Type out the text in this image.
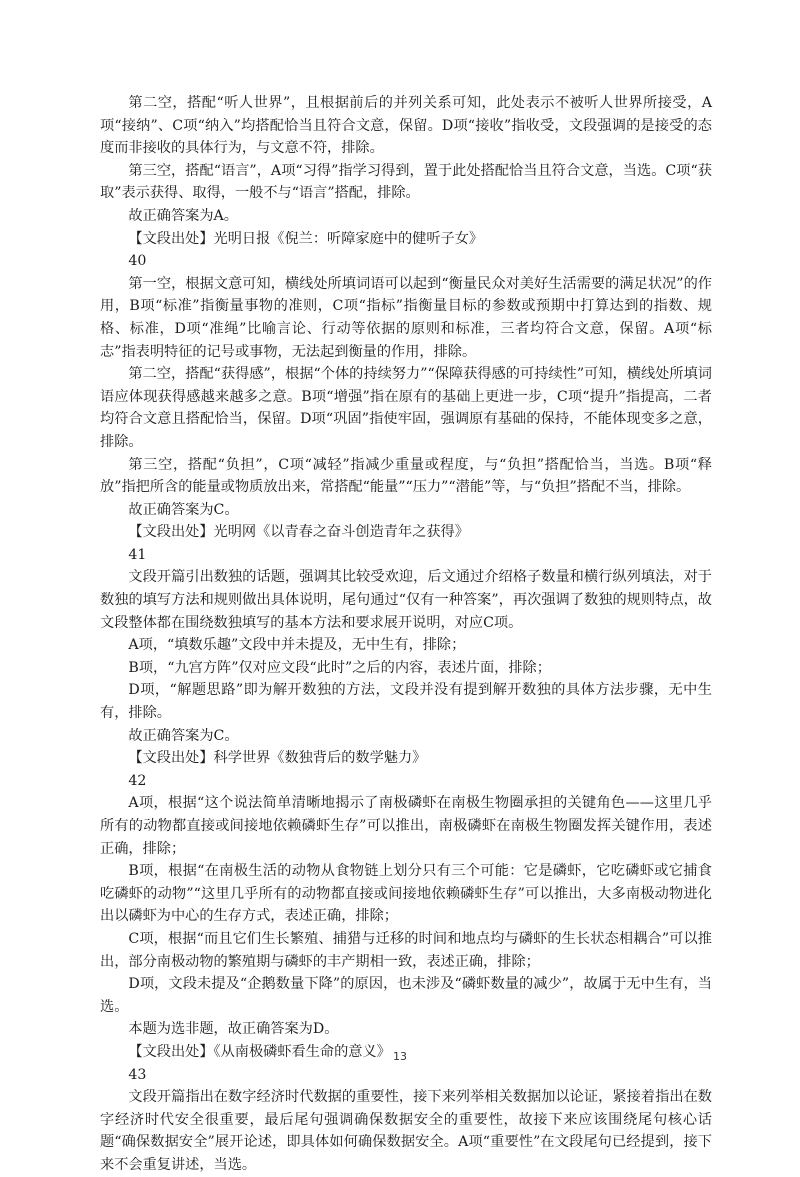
第二空，搭配“听人世界”，且根据前后的并列关系可知，此处表示不被听人世界所接受，A项“接纳”、C项“纳入”均搭配恰当且符合文意，保留。D项“接收”指收受，文段强调的是接受的态度而非接收的具体行为，与文意不符，排除。

第三空，搭配“语言”，A项“习得”指学习得到，置于此处搭配恰当且符合文意，当选。C项“获取”表示获得、取得，一般不与“语言”搭配，排除。

故正确答案为A。

【文段出处】光明日报《倪兰：听障家庭中的健听子女》

40

第一空，根据文意可知，横线处所填词语可以起到“衡量民众对美好生活需要的满足状况”的作用，B项“标准”指衡量事物的准则，C项“指标”指衡量目标的参数或预期中打算达到的指数、规格、标准，D项“准绳”比喻言论、行动等依据的原则和标准，三者均符合文意，保留。A项“标志”指表明特征的记号或事物，无法起到衡量的作用，排除。

第二空，搭配“获得感”，根据“个体的持续努力”“保障获得感的可持续性”可知，横线处所填词语应体现获得感越来越多之意。B项“增强”指在原有的基础上更进一步，C项“提升”指提高，二者均符合文意且搭配恰当，保留。D项“巩固”指使牢固，强调原有基础的保持，不能体现变多之意，排除。

第三空，搭配“负担”，C项“减轻”指减少重量或程度，与“负担”搭配恰当，当选。B项“释放”指把所含的能量或物质放出来，常搭配“能量”“压力”“潜能”等，与“负担”搭配不当，排除。

故正确答案为C。

【文段出处】光明网《以青春之奋斗创造青年之获得》

41

文段开篇引出数独的话题，强调其比较受欢迎，后文通过介绍格子数量和横行纵列填法，对于数独的填写方法和规则做出具体说明，尾句通过“仅有一种答案”，再次强调了数独的规则特点，故文段整体都在围绕数独填写的基本方法和要求展开说明，对应C项。

A项，“填数乐趣”文段中并未提及，无中生有，排除；

B项，“九宫方阵”仅对应文段“此时”之后的内容，表述片面，排除；

D项，“解题思路”即为解开数独的方法，文段并没有提到解开数独的具体方法步骤，无中生有，排除。

故正确答案为C。

【文段出处】科学世界《数独背后的数学魅力》

42

A项，根据“这个说法简单清晰地揭示了南极磷虾在南极生物圈承担的关键角色——这里几乎所有的动物都直接或间接地依赖磷虾生存”可以推出，南极磷虾在南极生物圈发挥关键作用，表述正确，排除；

B项，根据“在南极生活的动物从食物链上划分只有三个可能：它是磷虾，它吃磷虾或它捕食吃磷虾的动物”“这里几乎所有的动物都直接或间接地依赖磷虾生存”可以推出，大多南极动物进化出以磷虾为中心的生存方式，表述正确，排除；

C项，根据“而且它们生长繁殖、捕猎与迁移的时间和地点均与磷虾的生长状态相耦合”可以推出，部分南极动物的繁殖期与磷虾的丰产期相一致，表述正确，排除；

D项，文段未提及“企鹅数量下降”的原因，也未涉及“磷虾数量的减少”，故属于无中生有，当选。

本题为选非题，故正确答案为D。

【文段出处】《从南极磷虾看生命的意义》

43

文段开篇指出在数字经济时代数据的重要性，接下来列举相关数据加以论证，紧接着指出在数字经济时代安全很重要，最后尾句强调确保数据安全的重要性，故接下来应该围绕尾句核心话题“确保数据安全”展开论述，即具体如何确保数据安全。A项“重要性”在文段尾句已经提到，接下来不会重复讲述，当选。

13
